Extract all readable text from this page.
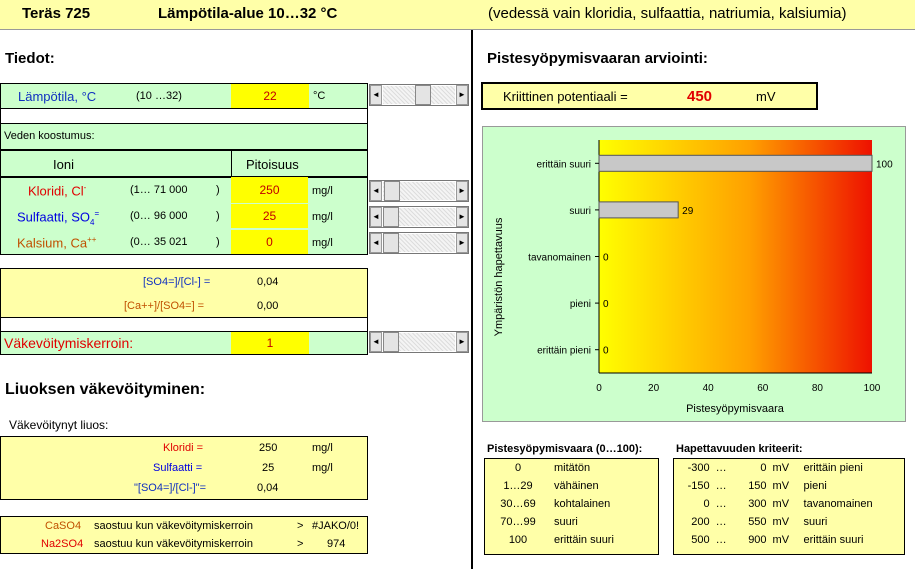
Teräs 725	Lämpötila-alue 10…32 °C	(vedessä vain kloridia, sulfaattia, natriumia, kalsiumia)
Tiedot:
Lämpötila, °C	(10 …32)	22	°C	◄	►
Veden koostumus:
Ioni	Pitoisuus
Kloridi, Cl-	(1… 71 000	)	250	mg/l
Sulfaatti, $SO_4^=$	(0… 96 000	)	25	mg/l
Kalsium, Ca++	(0… 35 021	)	0	mg/l
◄	►
◄	►
◄	►
[SO4=]/[Cl-] =	0,04
[Ca++]/[SO4=] =	0,00
Väkevöitymiskerroin:	1	◄	►
Liuoksen väkevöityminen:
Väkevöitynyt liuos:
Kloridi =	250	mg/l
Sulfaatti =	25	mg/l
"[SO4=]/[Cl-]"=	0,04
CaSO4 saostuu kun väkevöitymiskerroin	> #JAKO/0!
Na2SO4 saostuu kun väkevöitymiskerroin	> 974
Pistesyöpymisvaaran arviointi:
Kriittinen potentiaali =	450	mV
erittäin suuri	100
suuri	29
tavanomainen 0
pieni 0
erittäin pieni 0
0	20	40	60	80	100
Pistesyöpymisvaara
Ympäristön hapettavuus
Pistesyöpymisvaara (0…100):	Hapettavuuden kriteerit:
0	mitätön
1…29	vähäinen
30…69	kohtalainen
70…99	suuri
100	erittäin suuri
-300	…	0	mV	erittäin pieni
-150	…	150	mV	pieni
0	…	300	mV	tavanomainen
200	…	550	mV	suuri
500	…	900	mV	erittäin suuri
